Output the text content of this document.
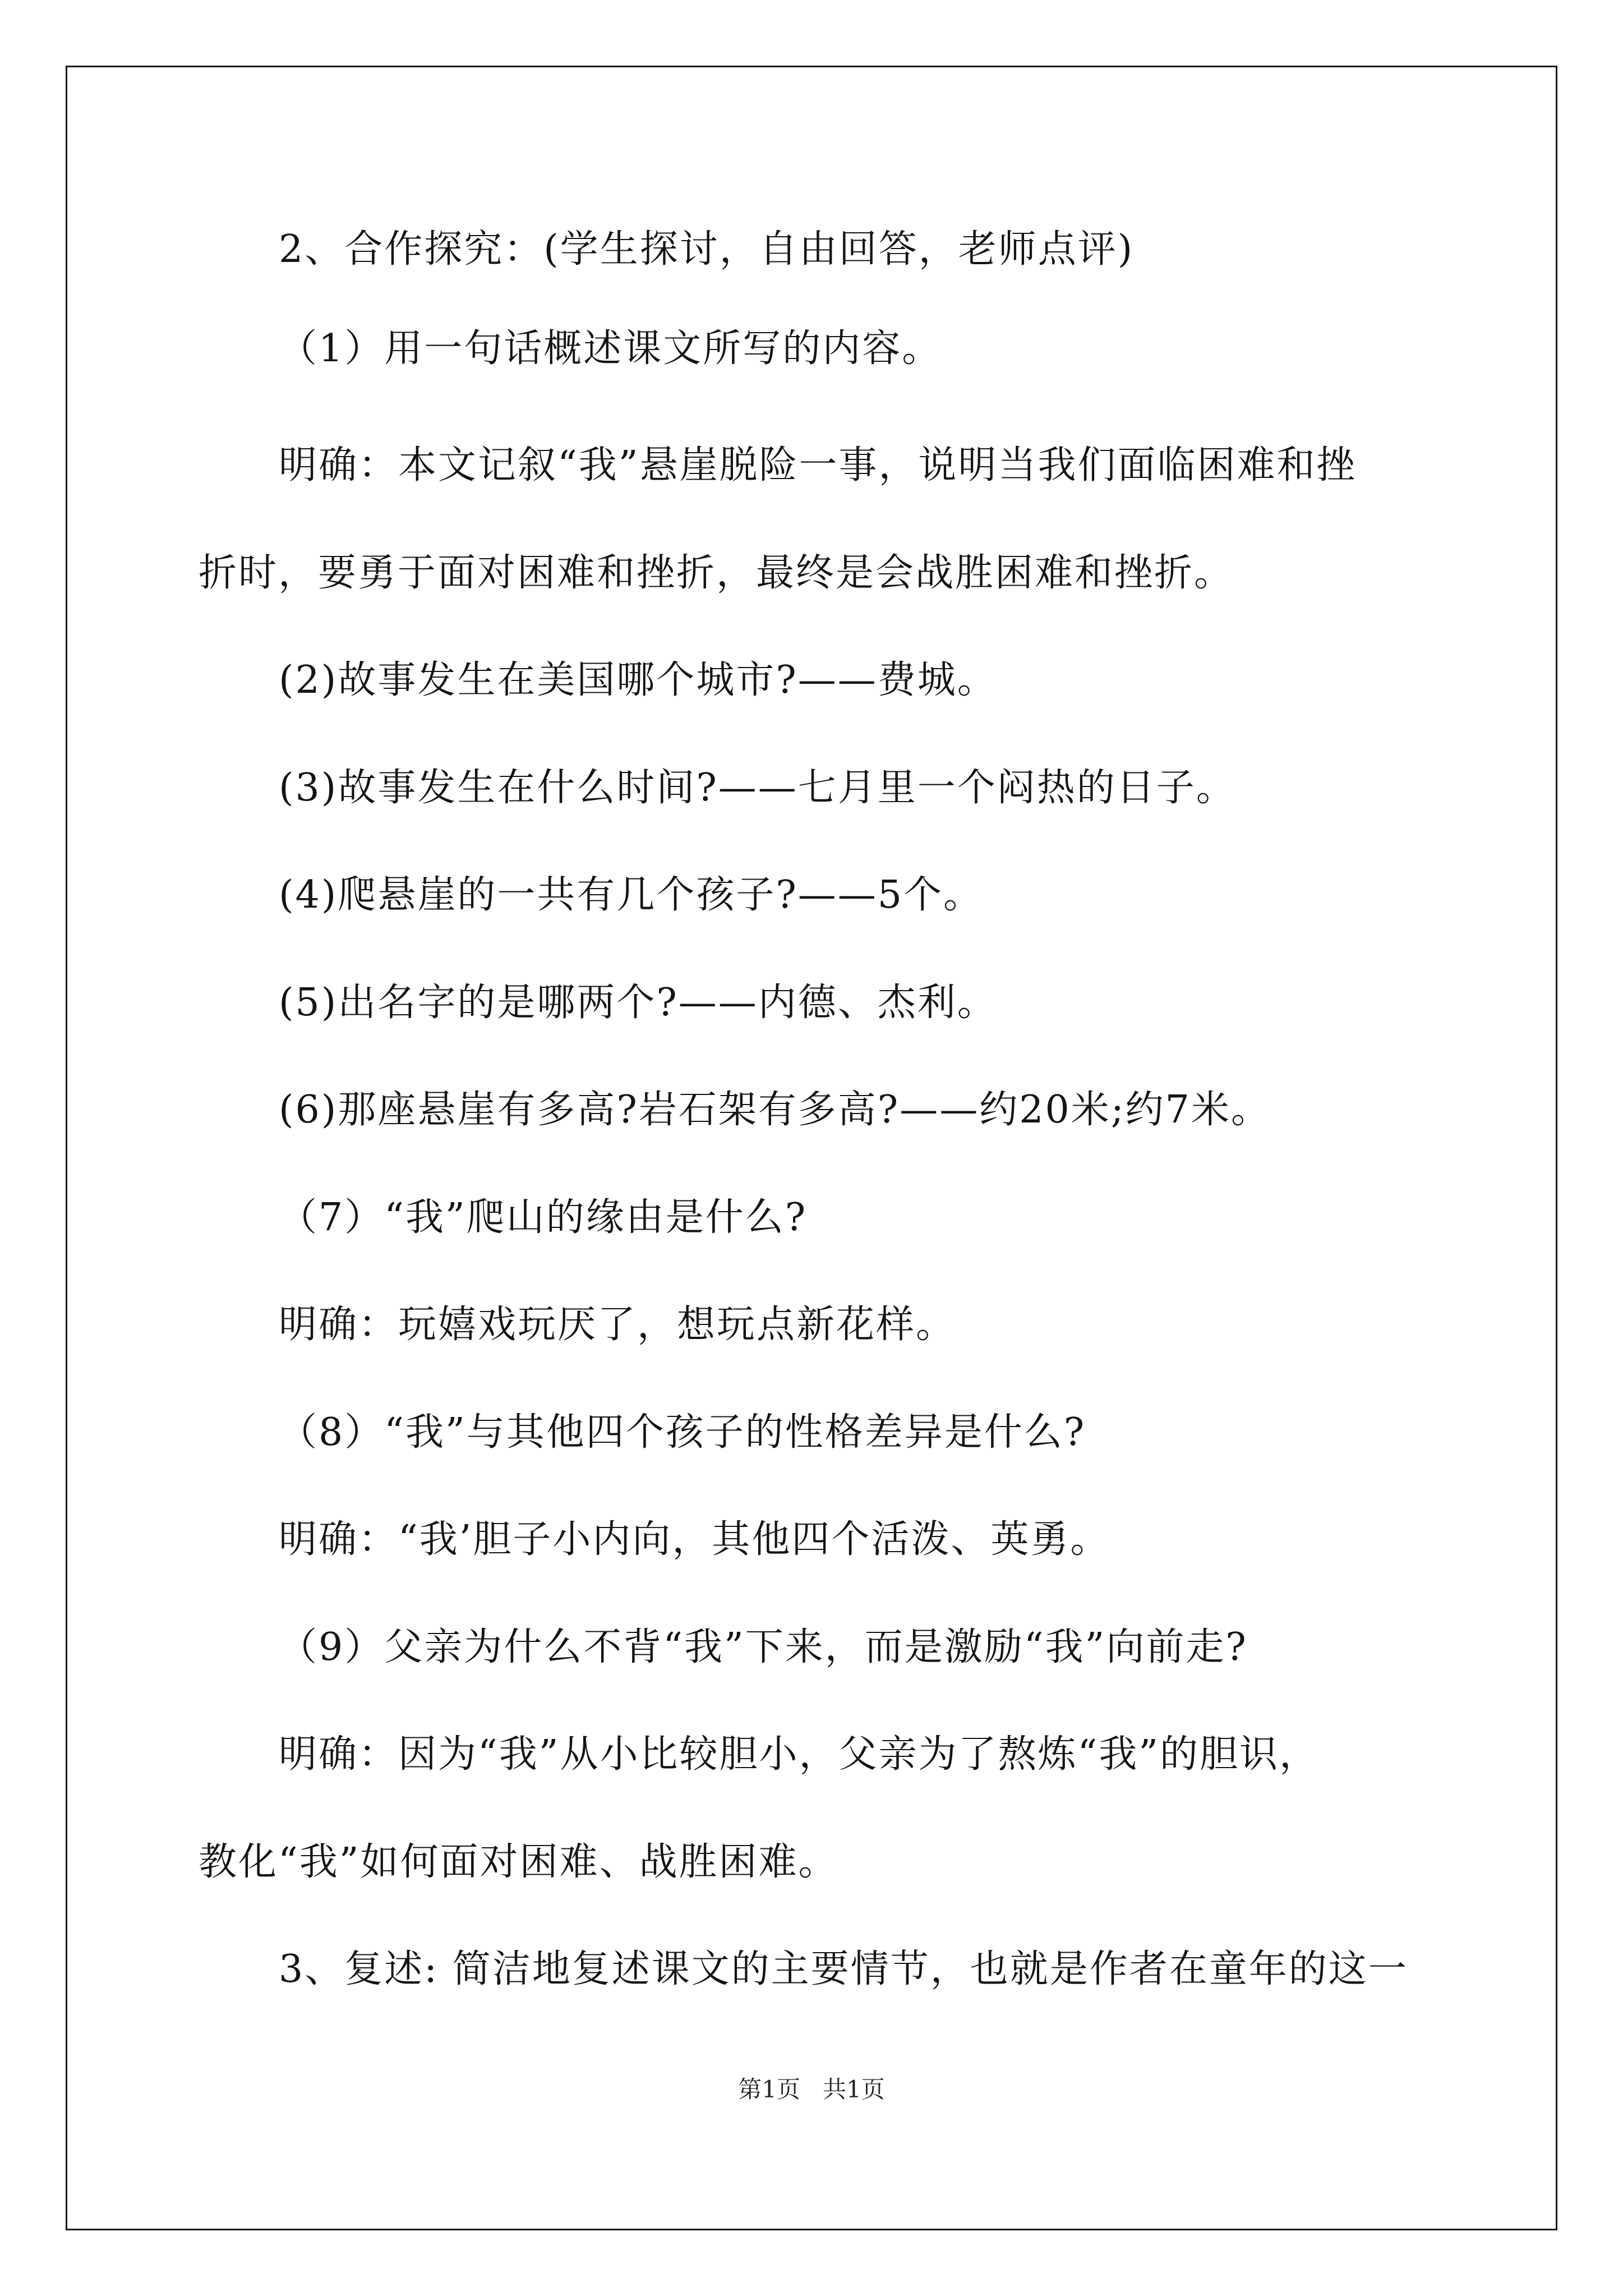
2、合作探究：(学生探讨，自由回答，老师点评)

（1）用一句话概述课文所写的内容。

明确：本文记叙“我”悬崖脱险一事，说明当我们面临困难和挫

折时，要勇于面对困难和挫折，最终是会战胜困难和挫折。

(2)故事发生在美国哪个城市?——费城。

(3)故事发生在什么时间?——七月里一个闷热的日子。

(4)爬悬崖的一共有几个孩子?——5个。

(5)出名字的是哪两个?——内德、杰利。

(6)那座悬崖有多高?岩石架有多高?——约20米;约7米。

（7）“我”爬山的缘由是什么?

明确：玩嬉戏玩厌了，想玩点新花样。

（8）“我”与其他四个孩子的性格差异是什么?

明确：“我’胆子小内向，其他四个活泼、英勇。

（9）父亲为什么不背“我”下来，而是激励“我”向前走?

明确：因为“我”从小比较胆小，父亲为了熬炼“我”的胆识，

教化“我”如何面对困难、战胜困难。

3、复述: 简洁地复述课文的主要情节，也就是作者在童年的这一

第1页 共1页
